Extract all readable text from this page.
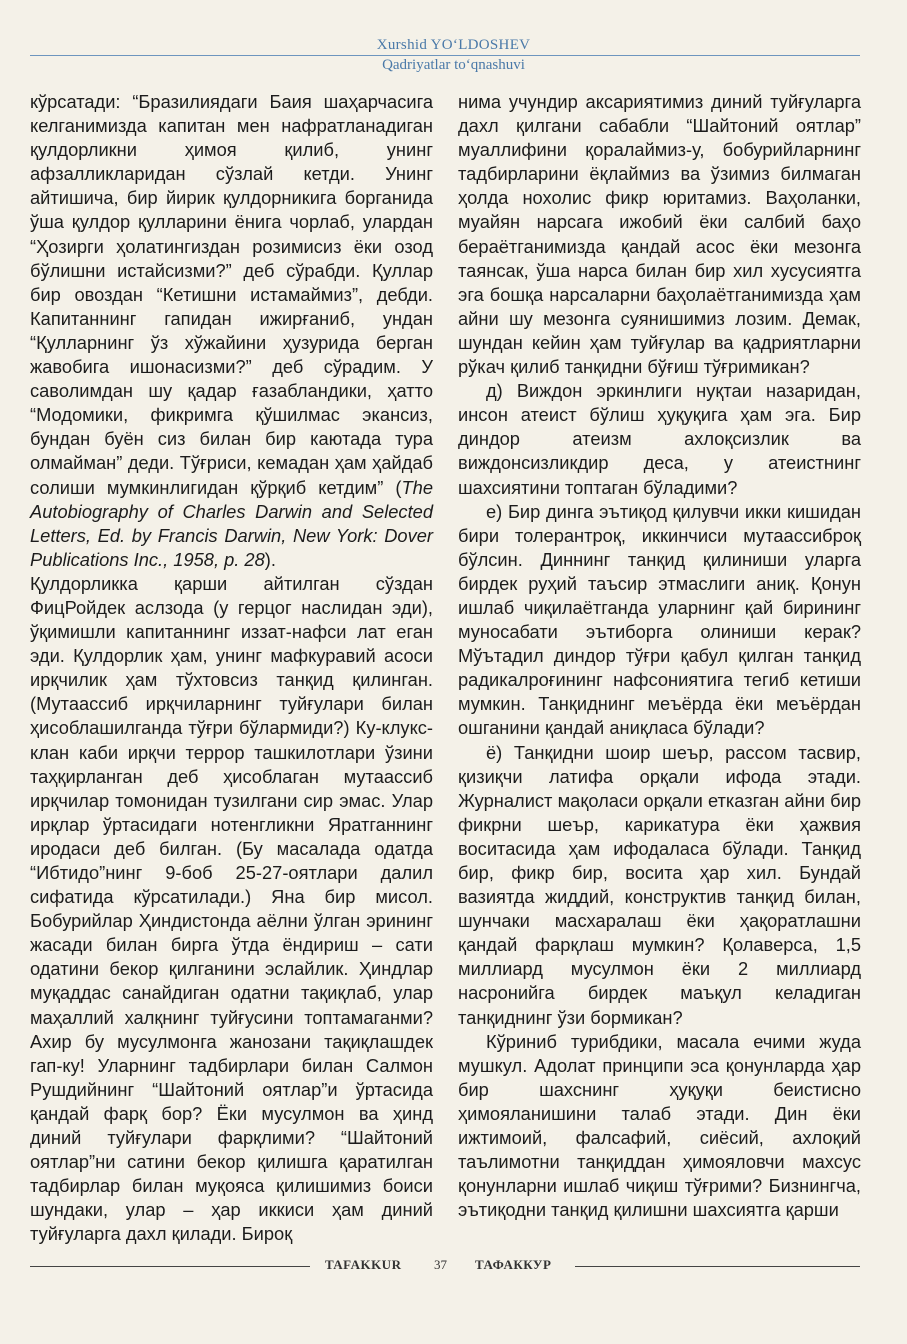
Xurshid YO‘LDOSHEV
Qadriyatlar to‘qnashuvi

кўрсатади: “Бразилиядаги Баия шаҳарчасига келганимизда капитан мен нафратланадиган қулдорликни ҳимоя қилиб, унинг афзалликларидан сўзлай кетди. Унинг айтишича, бир йирик қулдорникига борганида ўша қулдор қулларини ёнига чорлаб, улардан “Ҳозирги ҳолатингиздан розимисиз ёки озод бўлишни истайсизми?” деб сўрабди. Қуллар бир овоздан “Кетишни истамаймиз”, дебди. Капитаннинг гапидан ижирғаниб, ундан “Қулларнинг ўз хўжайини ҳузурида берган жавобига ишонасизми?” деб сўрадим. У саволимдан шу қадар ғазабландики, ҳатто “Модомики, фикримга қўшилмас экансиз, бундан буён сиз билан бир каютада тура олмайман” деди. Тўғриси, кемадан ҳам ҳайдаб солиши мумкинлигидан қўрқиб кетдим” (The Autobiography of Charles Darwin and Selected Letters, Ed. by Francis Darwin, New York: Dover Publications Inc., 1958, p. 28).

Қулдорликка қарши айтилган сўздан ФицРойдек аслзода (у герцог наслидан эди), ўқимишли капитаннинг иззат-нафси лат еган эди. Қулдорлик ҳам, унинг мафкуравий асоси ирқчилик ҳам тўхтовсиз танқид қилинган. (Мутаассиб ирқчиларнинг туйғулари билан ҳисоблашилганда тўғри бўлармиди?) Ку-клукс-клан каби ирқчи террор ташкилотлари ўзини таҳқирланган деб ҳисоблаган мутаассиб ирқчилар томонидан тузилгани сир эмас. Улар ирқлар ўртасидаги нотенгликни Яратганнинг иродаси деб билган. (Бу масалада одатда “Ибтидо”нинг 9-боб 25-27-оятлари далил сифатида кўрсатилади.) Яна бир мисол. Бобурийлар Ҳиндистонда аёлни ўлган эрининг жасади билан бирга ўтда ёндириш – сати одатини бекор қилганини эслайлик. Ҳиндлар муқаддас санайдиган одатни тақиқлаб, улар маҳаллий халқнинг туйғусини топтамаганми? Ахир бу мусулмонга жанозани тақиқлашдек гап-ку! Уларнинг тадбирлари билан Салмон Рушдийнинг “Шайтоний оятлар”и ўртасида қандай фарқ бор? Ёки мусулмон ва ҳинд диний туйғулари фарқлими? “Шайтоний оятлар”ни сатини бекор қилишга қаратилган тадбирлар билан муқояса қилишимиз боиси шундаки, улар – ҳар иккиси ҳам диний туйғуларга дахл қилади. Бироқ

нима учундир аксариятимиз диний туйғуларга дахл қилгани сабабли “Шайтоний оятлар” муаллифини қоралаймиз-у, бобурийларнинг тадбирларини ёқлаймиз ва ўзимиз билмаган ҳолда нохолис фикр юритамиз. Ваҳоланки, муайян нарсага ижобий ёки салбий баҳо бераётганимизда қандай асос ёки мезонга таянсак, ўша нарса билан бир хил хусусиятга эга бошқа нарсаларни баҳолаётганимизда ҳам айни шу мезонга суянишимиз лозим. Демак, шундан кейин ҳам туйғулар ва қадриятларни рўкач қилиб танқидни бўғиш тўғримикан?

д) Виждон эркинлиги нуқтаи назаридан, инсон атеист бўлиш ҳуқуқига ҳам эга. Бир диндор атеизм ахлоқсизлик ва виждонсизликдир деса, у атеистнинг шахсиятини топтаган бўладими?

е) Бир динга эътиқод қилувчи икки кишидан бири толерантроқ, иккинчиси мутаассиброқ бўлсин. Диннинг танқид қилиниши уларга бирдек руҳий таъсир этмаслиги аниқ. Қонун ишлаб чиқилаётганда уларнинг қай бирининг муносабати эътиборга олиниши керак? Мўътадил диндор тўғри қабул қилган танқид радикалроғининг нафсониятига тегиб кетиши мумкин. Танқиднинг меъёрда ёки меъёрдан ошганини қандай аниқласа бўлади?

ё) Танқидни шоир шеър, рассом тасвир, қизиқчи латифа орқали ифода этади. Журналист мақоласи орқали етказган айни бир фикрни шеър, карикатура ёки ҳажвия воситасида ҳам ифодаласа бўлади. Танқид бир, фикр бир, восита ҳар хил. Бундай вазиятда жиддий, конструктив танқид билан, шунчаки масхаралаш ёки ҳақоратлашни қандай фарқлаш мумкин? Қолаверса, 1,5 миллиард мусулмон ёки 2 миллиард насронийга бирдек маъқул келадиган танқиднинг ўзи бормикан?

Кўриниб турибдики, масала ечими жуда мушкул. Адолат принципи эса қонунларда ҳар бир шахснинг ҳуқуқи беистисно ҳимояланишини талаб этади. Дин ёки ижтимоий, фалсафий, сиёсий, ахлоқий таълимотни танқиддан ҳимояловчи махсус қонунларни ишлаб чиқиш тўғрими? Бизнингча, эътиқодни танқид қилишни шахсиятга қарши

TAFAKKUR	37 ТАФАККУР
